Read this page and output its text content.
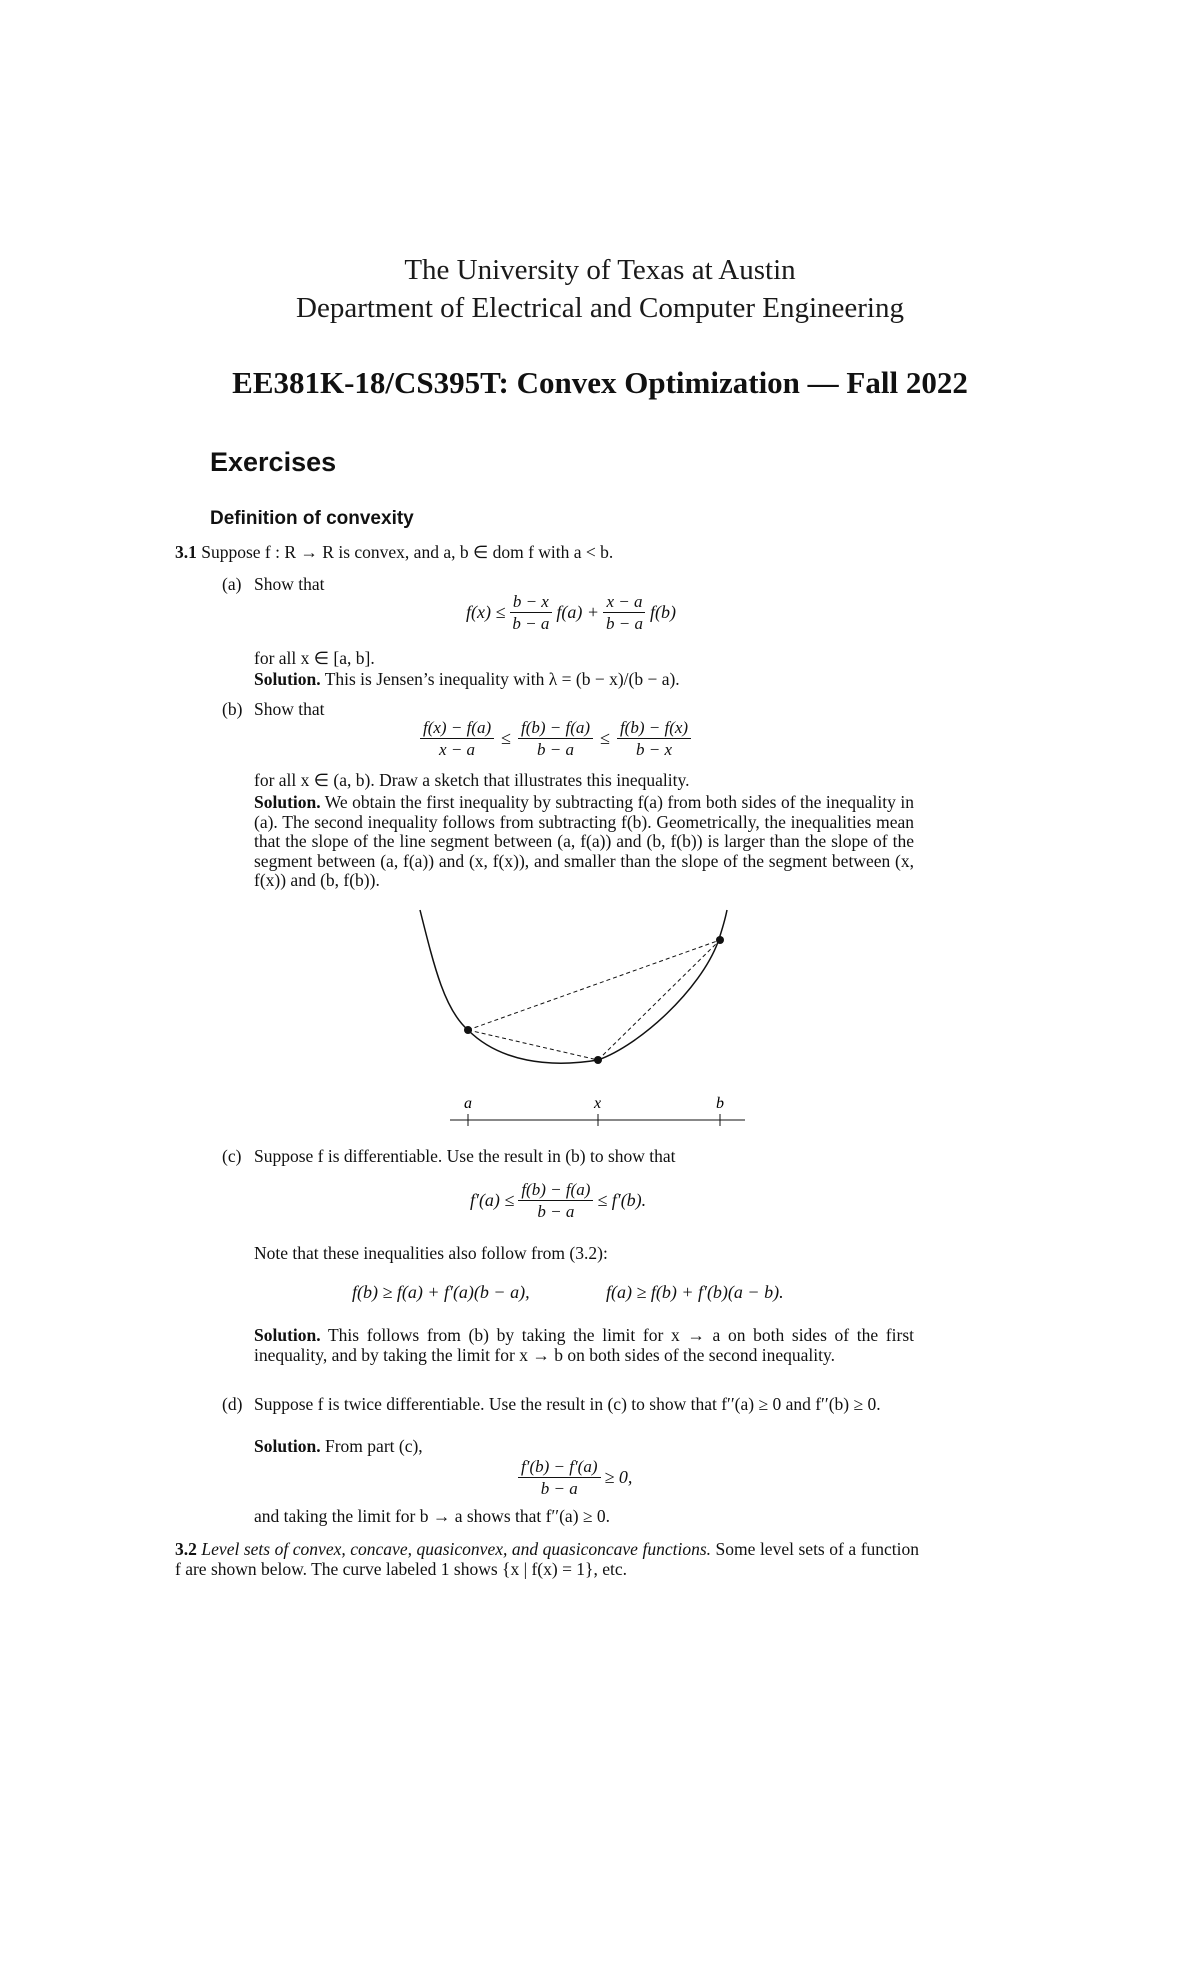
The University of Texas at Austin
Department of Electrical and Computer Engineering
EE381K-18/CS395T: Convex Optimization — Fall 2022
Exercises
Definition of convexity
3.1 Suppose f : R → R is convex, and a, b ∈ dom f with a < b.
(a) Show that
$f(x) \le \frac{b - x}{b - a} f(a) + \frac{x - a}{b - a} f(b)$
for all x ∈ [a, b].
Solution. This is Jensen’s inequality with λ = (b − x)/(b − a).
(b) Show that
$\frac{f(x) - f(a)}{x - a} \le \frac{f(b) - f(a)}{b - a} \le \frac{f(b) - f(x)}{b - x}$
for all x ∈ (a, b). Draw a sketch that illustrates this inequality.
Solution. We obtain the first inequality by subtracting f(a) from both sides of the inequality in (a). The second inequality follows from subtracting f(b). Geometrically, the inequalities mean that the slope of the line segment between (a, f(a)) and (b, f(b)) is larger than the slope of the segment between (a, f(a)) and (x, f(x)), and smaller than the slope of the segment between (x, f(x)) and (b, f(b)).
a	x	b
(c) Suppose f is differentiable. Use the result in (b) to show that
$f'(a) \le \frac{f(b) - f(a)}{b - a} \le f'(b)$.
Note that these inequalities also follow from (3.2):
f(b) ≥ f(a) + f′(a)(b − a),	f(a) ≥ f(b) + f′(b)(a − b).
Solution. This follows from (b) by taking the limit for x → a on both sides of the first inequality, and by taking the limit for x → b on both sides of the second inequality.
(d) Suppose f is twice differentiable. Use the result in (c) to show that f′′(a) ≥ 0 and f′′(b) ≥ 0.
Solution. From part (c),
$\frac{f'(b) - f'(a)}{b - a} \ge 0$,
and taking the limit for b → a shows that f′′(a) ≥ 0.
3.2 Level sets of convex, concave, quasiconvex, and quasiconcave functions. Some level sets of a function f are shown below. The curve labeled 1 shows {x | f(x) = 1}, etc.
